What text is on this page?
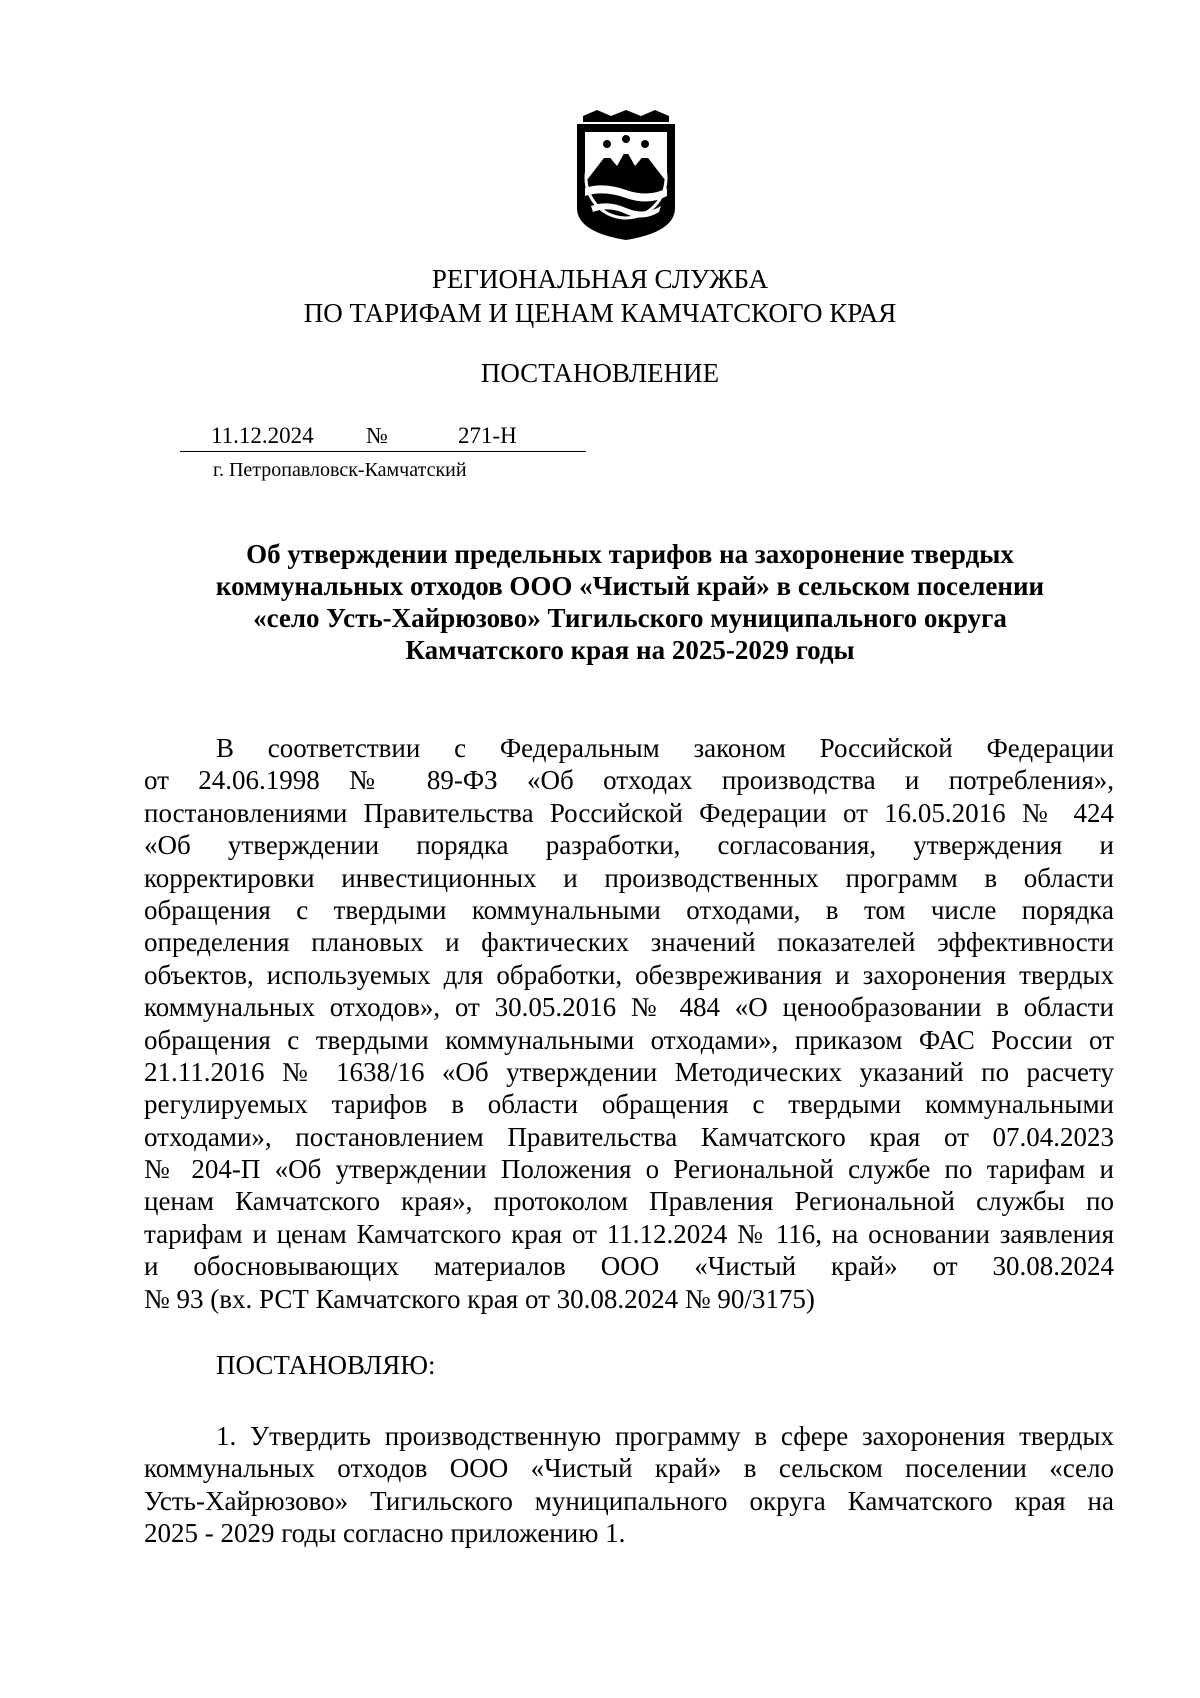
РЕГИОНАЛЬНАЯ СЛУЖБА
ПО ТАРИФАМ И ЦЕНАМ КАМЧАТСКОГО КРАЯ
ПОСТАНОВЛЕНИЕ
11.12.2024 №	271-Н
г. Петропавловск-Камчатский
Об утверждении предельных тарифов на захоронение твердых
коммунальных отходов ООО «Чистый край» в сельском поселении
«село Усть-Хайрюзово» Тигильского муниципального округа
Камчатского края на 2025-2029 годы
В соответствии с Федеральным законом Российской Федерации
от 24.06.1998 № 89-ФЗ «Об отходах производства и потребления»,
постановлениями Правительства Российской Федерации от 16.05.2016 № 424
«Об утверждении порядка разработки, согласования, утверждения и
корректировки инвестиционных и производственных программ в области
обращения с твердыми коммунальными отходами, в том числе порядка
определения плановых и фактических значений показателей эффективности
объектов, используемых для обработки, обезвреживания и захоронения твердых
коммунальных отходов», от 30.05.2016 № 484 «О ценообразовании в области
обращения с твердыми коммунальными отходами», приказом ФАС России от
21.11.2016 № 1638/16 «Об утверждении Методических указаний по расчету
регулируемых тарифов в области обращения с твердыми коммунальными
отходами», постановлением Правительства Камчатского края от 07.04.2023
№ 204-П «Об утверждении Положения о Региональной службе по тарифам и
ценам Камчатского края», протоколом Правления Региональной службы по
тарифам и ценам Камчатского края от 11.12.2024 № 116, на основании заявления
и обосновывающих материалов ООО «Чистый край» от 30.08.2024
№ 93 (вх. РСТ Камчатского края от 30.08.2024 № 90/3175)
ПОСТАНОВЛЯЮ:
1. Утвердить производственную программу в сфере захоронения твердых
коммунальных отходов ООО «Чистый край» в сельском поселении «село
Усть-Хайрюзово» Тигильского муниципального округа Камчатского края на
2025 - 2029 годы согласно приложению 1.
